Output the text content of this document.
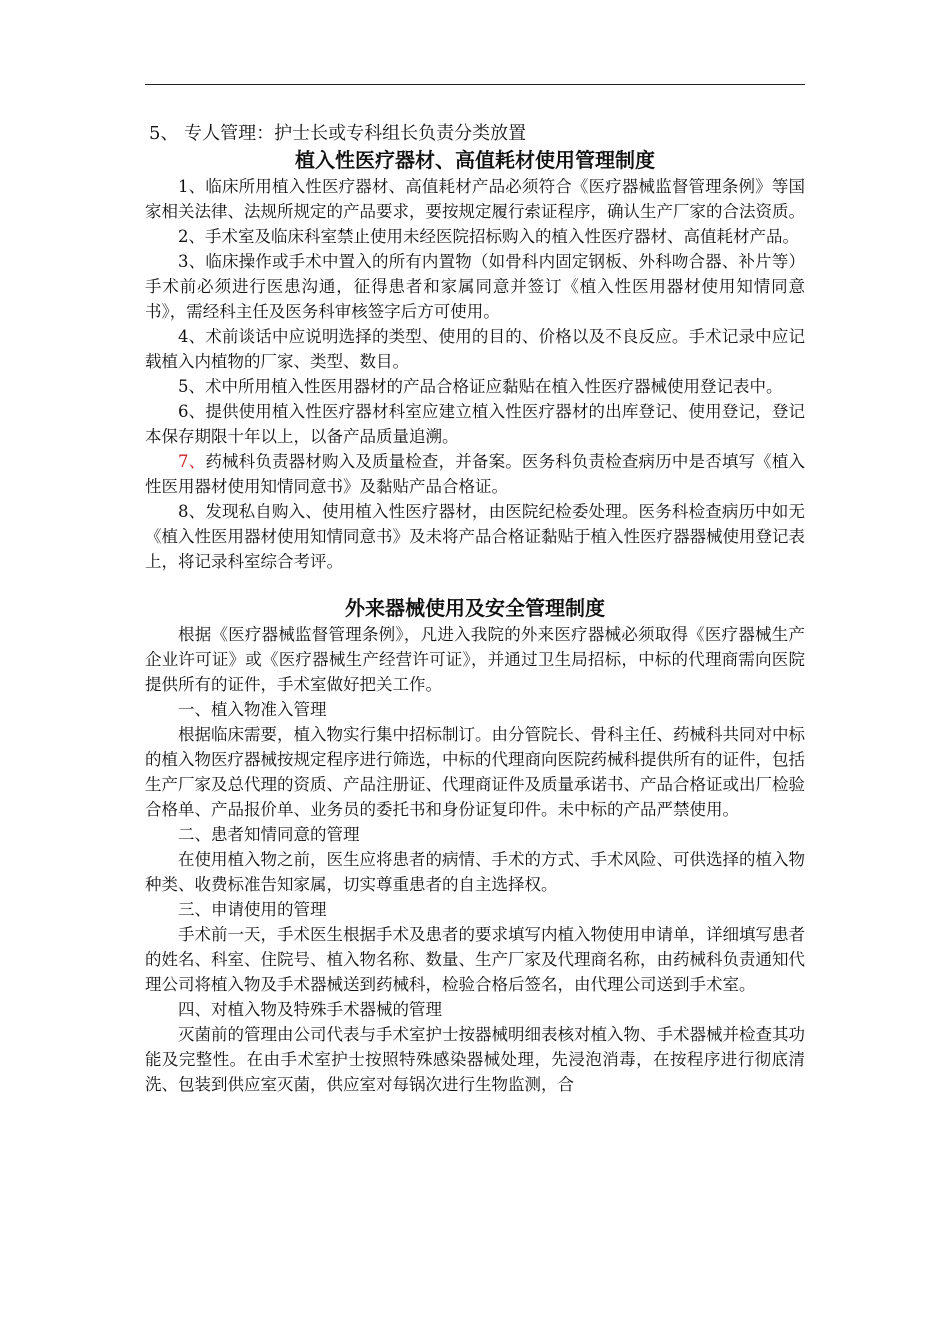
5、 专人管理：护士长或专科组长负责分类放置

植入性医疗器材、高值耗材使用管理制度

1、临床所用植入性医疗器材、高值耗材产品必须符合《医疗器械监督管理条例》等国家相关法律、法规所规定的产品要求，要按规定履行索证程序，确认生产厂家的合法资质。

2、手术室及临床科室禁止使用未经医院招标购入的植入性医疗器材、高值耗材产品。

3、临床操作或手术中置入的所有内置物（如骨科内固定钢板、外科吻合器、补片等）手术前必须进行医患沟通，征得患者和家属同意并签订《植入性医用器材使用知情同意书》，需经科主任及医务科审核签字后方可使用。

4、术前谈话中应说明选择的类型、使用的目的、价格以及不良反应。手术记录中应记载植入内植物的厂家、类型、数目。

5、术中所用植入性医用器材的产品合格证应黏贴在植入性医疗器械使用登记表中。

6、提供使用植入性医疗器材科室应建立植入性医疗器材的出库登记、使用登记，登记本保存期限十年以上，以备产品质量追溯。

7、药械科负责器材购入及质量检查，并备案。医务科负责检查病历中是否填写《植入性医用器材使用知情同意书》及黏贴产品合格证。

8、发现私自购入、使用植入性医疗器材，由医院纪检委处理。医务科检查病历中如无《植入性医用器材使用知情同意书》及未将产品合格证黏贴于植入性医疗器器械使用登记表上，将记录科室综合考评。

外来器械使用及安全管理制度

根据《医疗器械监督管理条例》，凡进入我院的外来医疗器械必须取得《医疗器械生产企业许可证》或《医疗器械生产经营许可证》，并通过卫生局招标，中标的代理商需向医院提供所有的证件，手术室做好把关工作。

一、植入物准入管理

根据临床需要，植入物实行集中招标制订。由分管院长、骨科主任、药械科共同对中标的植入物医疗器械按规定程序进行筛选，中标的代理商向医院药械科提供所有的证件，包括生产厂家及总代理的资质、产品注册证、代理商证件及质量承诺书、产品合格证或出厂检验合格单、产品报价单、业务员的委托书和身份证复印件。未中标的产品严禁使用。

二、患者知情同意的管理

在使用植入物之前，医生应将患者的病情、手术的方式、手术风险、可供选择的植入物种类、收费标准告知家属，切实尊重患者的自主选择权。

三、申请使用的管理

手术前一天，手术医生根据手术及患者的要求填写内植入物使用申请单，详细填写患者的姓名、科室、住院号、植入物名称、数量、生产厂家及代理商名称，由药械科负责通知代理公司将植入物及手术器械送到药械科，检验合格后签名，由代理公司送到手术室。

四、对植入物及特殊手术器械的管理

灭菌前的管理由公司代表与手术室护士按器械明细表核对植入物、手术器械并检查其功能及完整性。在由手术室护士按照特殊感染器械处理，先浸泡消毒，在按程序进行彻底清洗、包装到供应室灭菌，供应室对每锅次进行生物监测，合
